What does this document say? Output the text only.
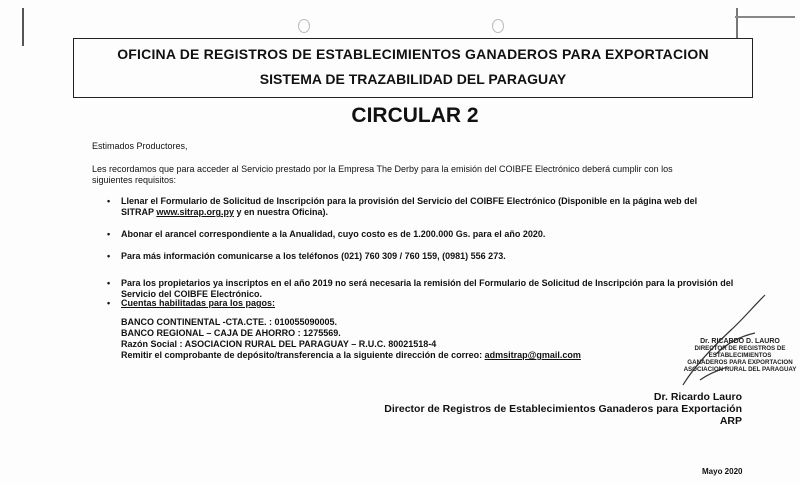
OFICINA DE REGISTROS DE ESTABLECIMIENTOS GANADEROS PARA EXPORTACION
SISTEMA DE TRAZABILIDAD DEL PARAGUAY
CIRCULAR 2
Estimados Productores,
Les recordamos que para acceder al Servicio prestado por la Empresa The Derby para la emisión del COIBFE Electrónico deberá cumplir con los
siguientes requisitos:
• Llenar el Formulario de Solicitud de Inscripción para la provisión del Servicio del COIBFE Electrónico (Disponible en la página web del
SITRAP www.sitrap.org.py y en nuestra Oficina).
• Abonar el arancel correspondiente a la Anualidad, cuyo costo es de 1.200.000 Gs. para el año 2020.
• Para más información comunicarse a los teléfonos (021) 760 309 / 760 159, (0981) 556 273.
• Para los propietarios ya inscriptos en el año 2019 no será necesaria la remisión del Formulario de Solicitud de Inscripción para la provisión del
Servicio del COIBFE Electrónico.
• Cuentas habilitadas para los pagos:
BANCO CONTINENTAL -CTA.CTE. : 010055090005.
BANCO REGIONAL – CAJA DE AHORRO : 1275569.
Razón Social : ASOCIACION RURAL DEL PARAGUAY – R.U.C. 80021518-4
Remitir el comprobante de depósito/transferencia a la siguiente dirección de correo: admsitrap@gmail.com
Dr. RICARDO D. LAURO
DIRECTOR DE REGISTROS DE ESTABLECIMIENTOS
GANADEROS PARA EXPORTACION
ASOCIACION RURAL DEL PARAGUAY
Dr. Ricardo Lauro
Director de Registros de Establecimientos Ganaderos para Exportación
ARP
Mayo 2020
